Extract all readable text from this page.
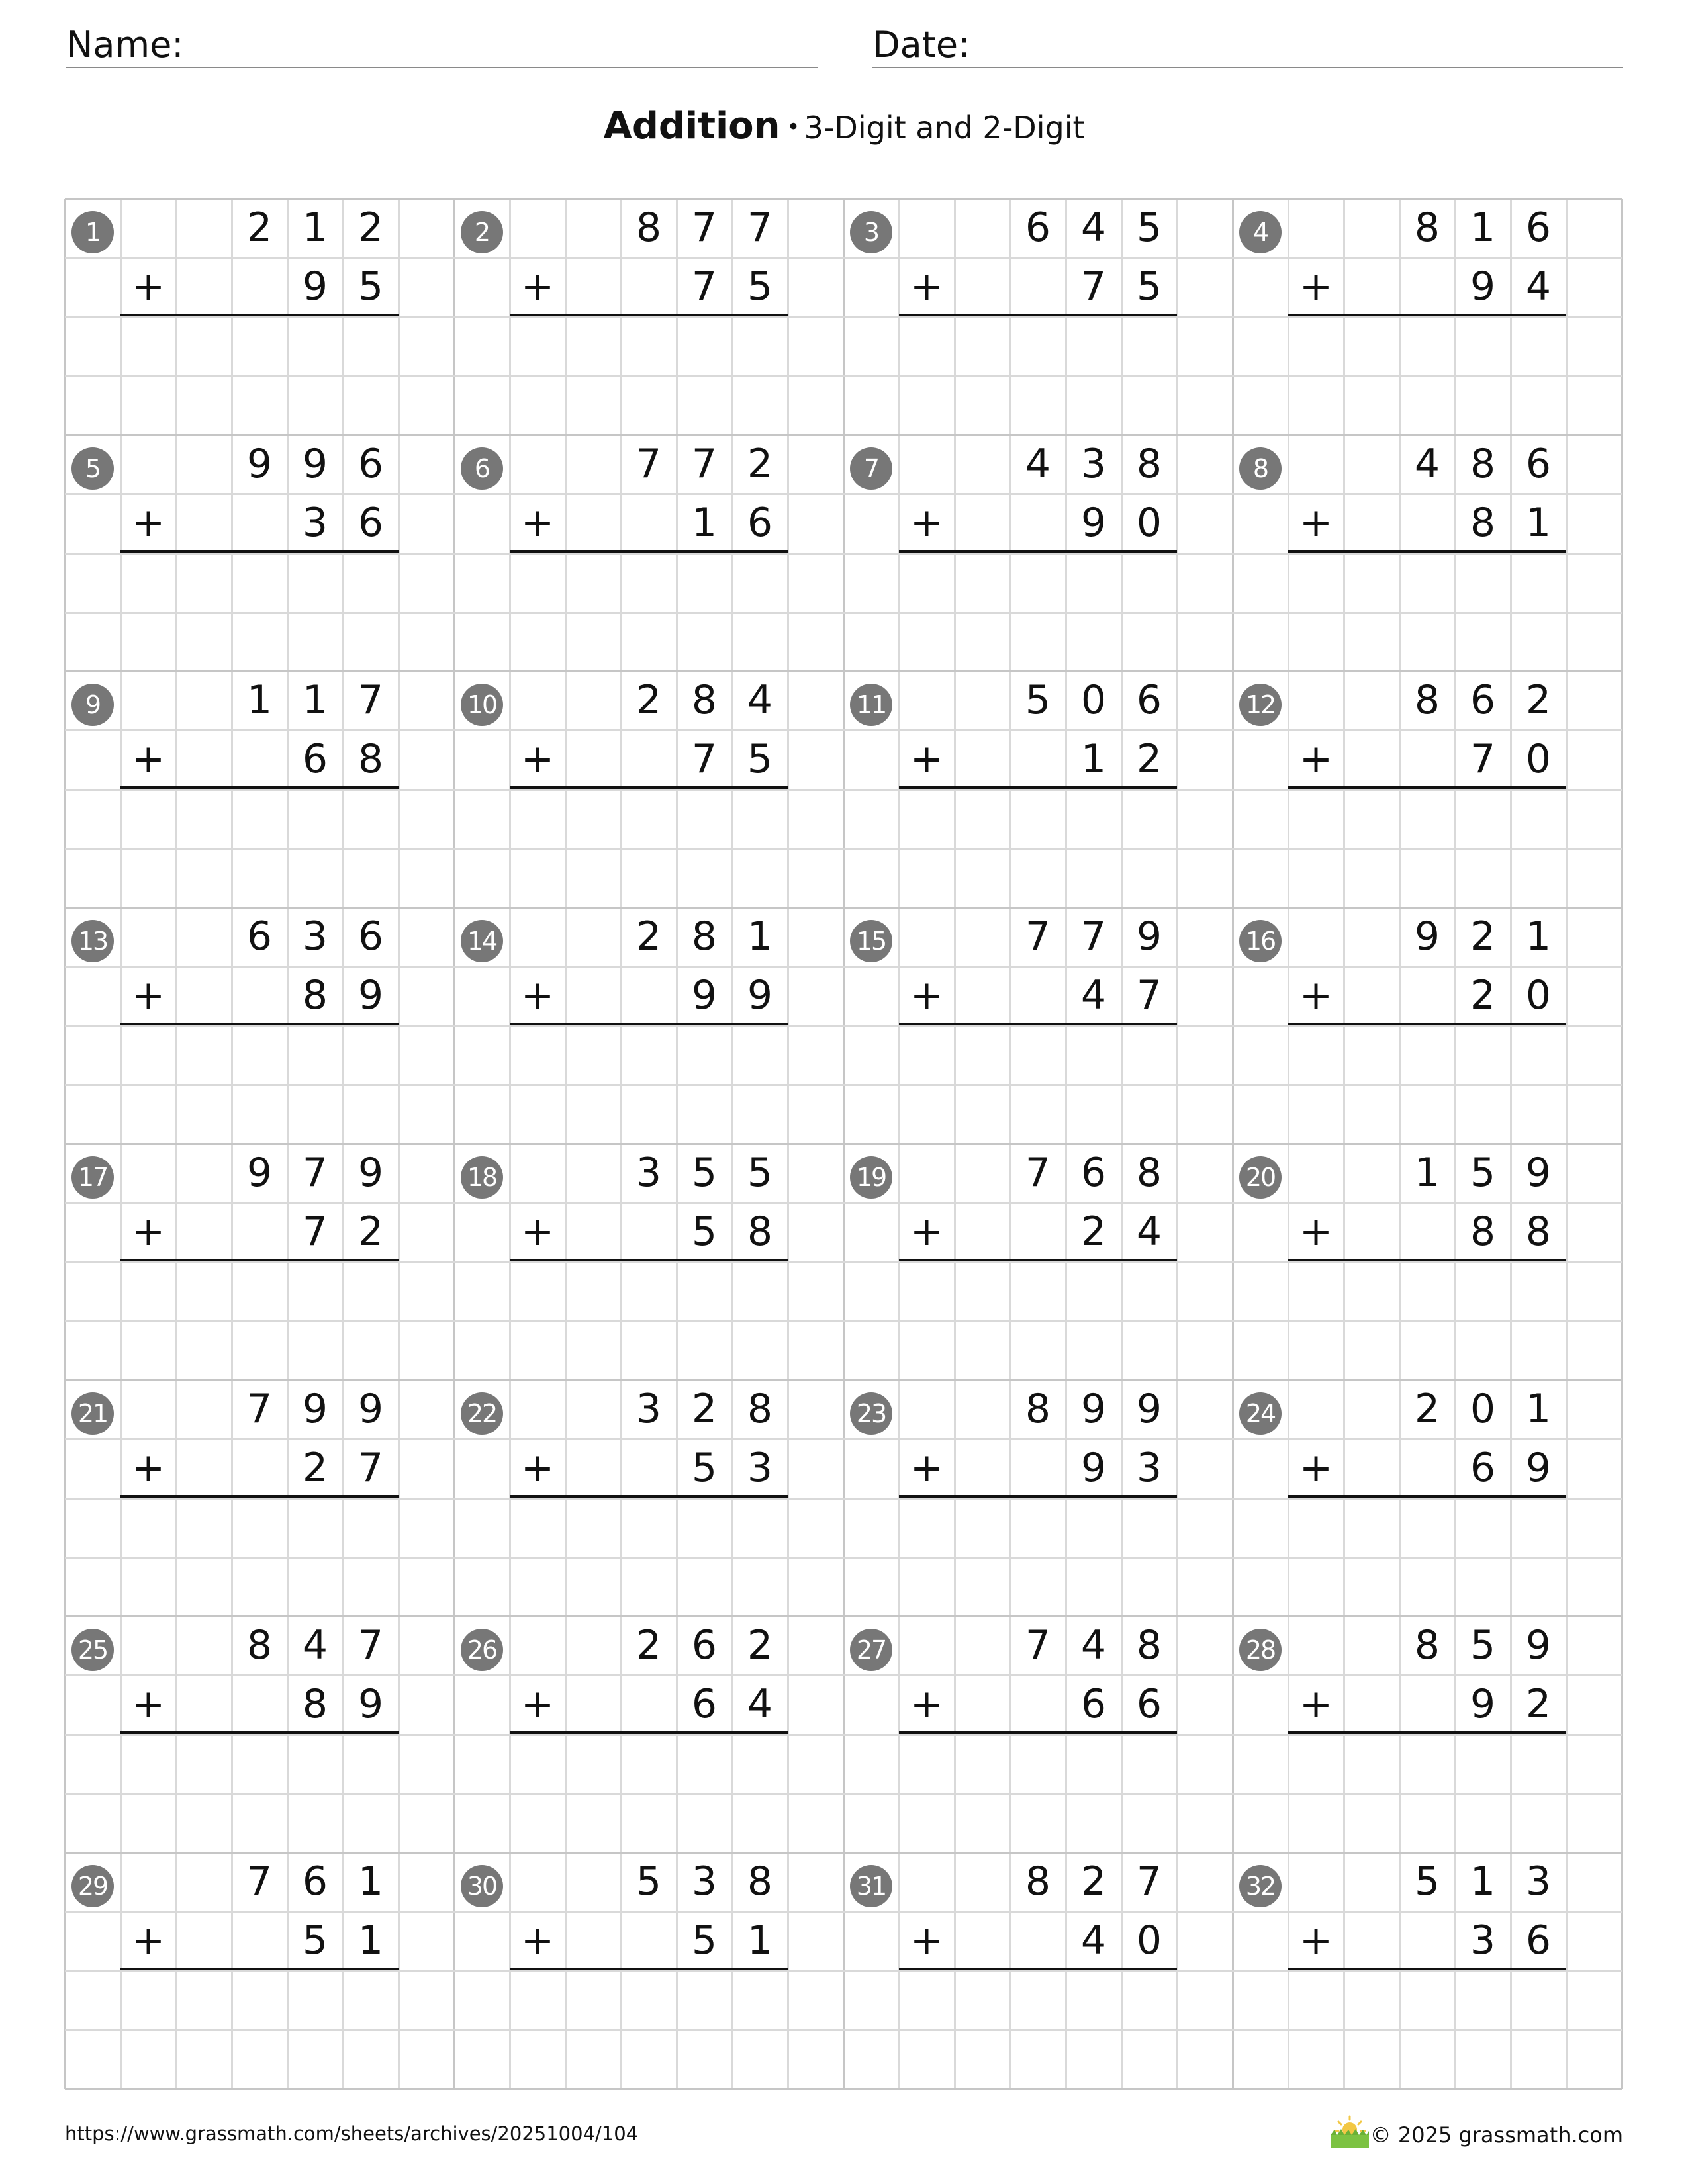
Name:	Date:
Addition • 3-Digit and 2-Digit
1	2 1 2
+	9 5
2	8 7 7
+	7 5
3	6 4 5
+	7 5
4	8 1 6
+	9 4
5	9 9 6
+	3 6
6	7 7 2
+	1 6
7	4 3 8
+	9 0
8	4 8 6
+	8 1
9	1 1 7
+	6 8
10	2 8 4
+	7 5
11	5 0 6
+	1 2
12	8 6 2
+	7 0
13	6 3 6
+	8 9
14	2 8 1
+	9 9
15	7 7 9
+	4 7
16	9 2 1
+	2 0
17	9 7 9
+	7 2
18	3 5 5
+	5 8
19	7 6 8
+	2 4
20	1 5 9
+	8 8
21	7 9 9
+	2 7
22	3 2 8
+	5 3
23	8 9 9
+	9 3
24	2 0 1
+	6 9
25	8 4 7
+	8 9
26	2 6 2
+	6 4
27	7 4 8
+	6 6
28	8 5 9
+	9 2
29	7 6 1
+	5 1
30	5 3 8
+	5 1
31	8 2 7
+	4 0
32	5 1 3
+	3 6
https://www.grassmath.com/sheets/archives/20251004/104	© 2025 grassmath.com
